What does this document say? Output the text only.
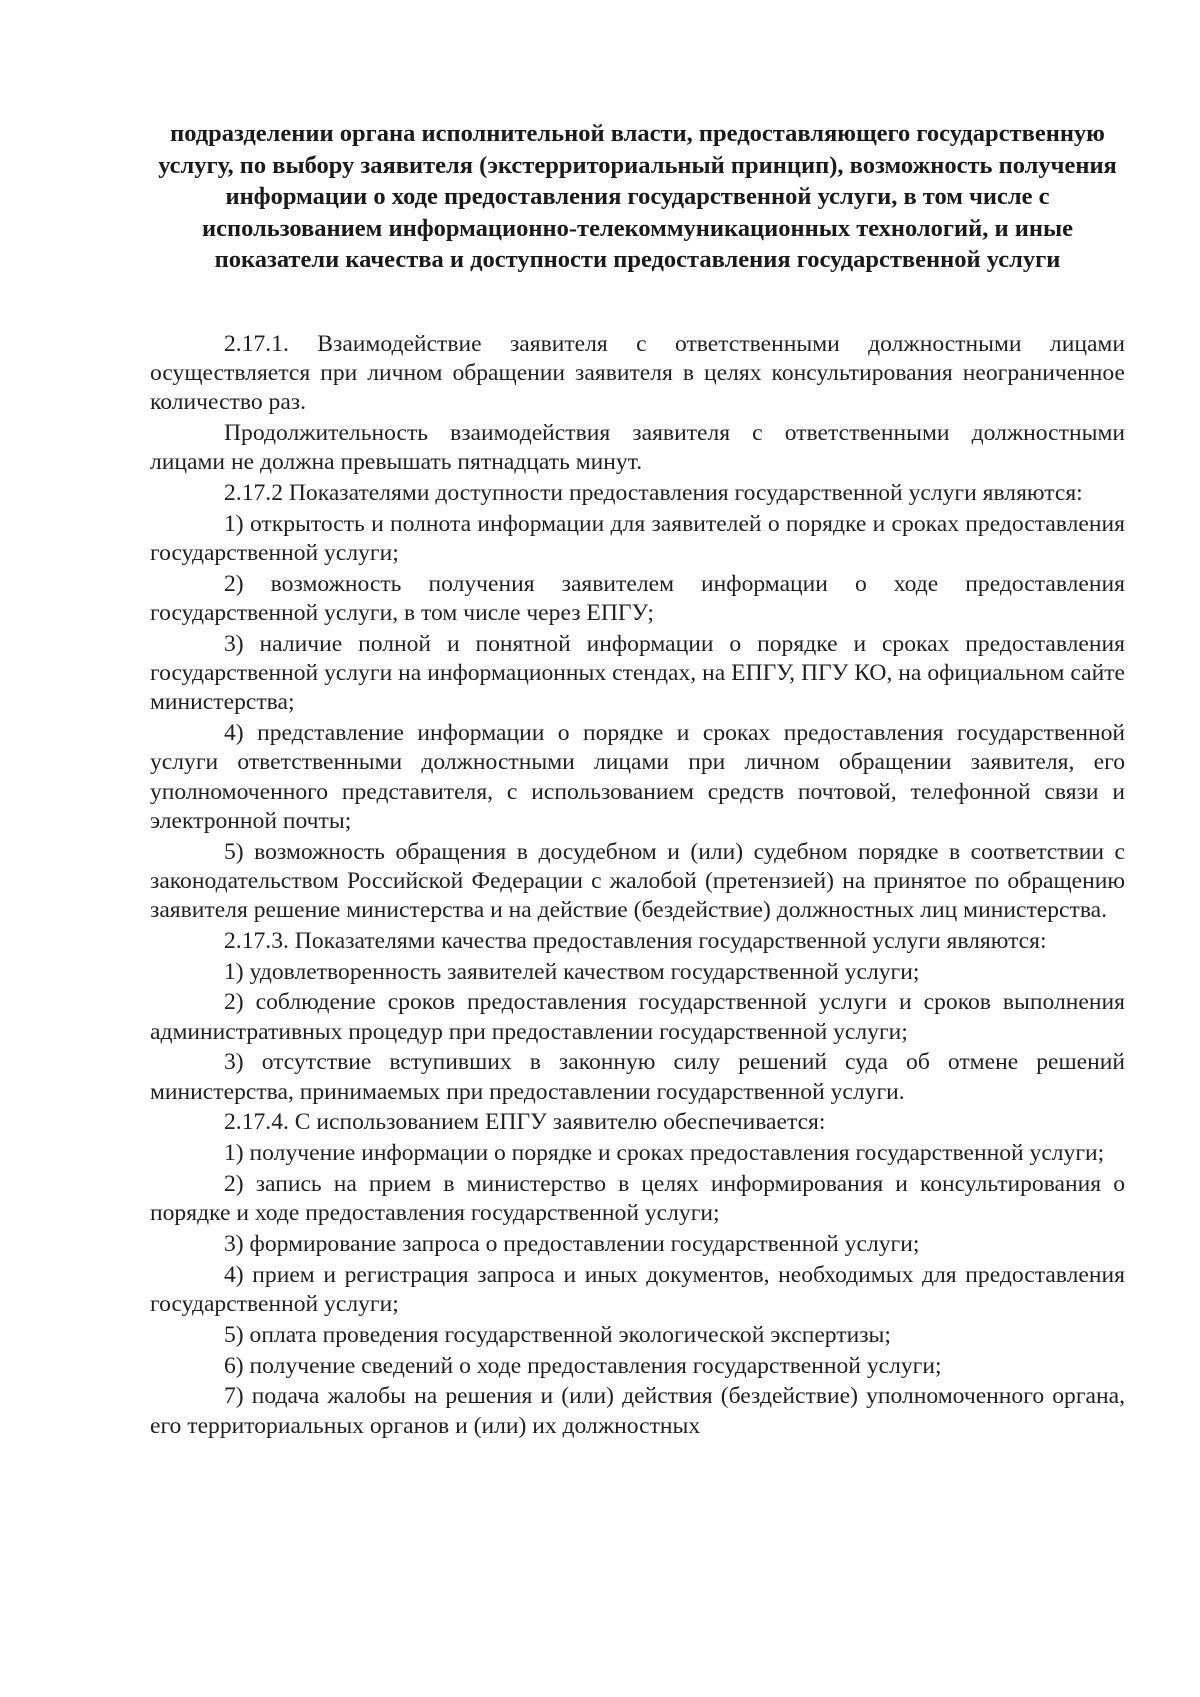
подразделении органа исполнительной власти, предоставляющего государственную услугу, по выбору заявителя (экстерриториальный принцип), возможность получения информации о ходе предоставления государственной услуги, в том числе с использованием информационно-телекоммуникационных технологий, и иные показатели качества и доступности предоставления государственной услуги

2.17.1. Взаимодействие заявителя с ответственными должностными лицами осуществляется при личном обращении заявителя в целях консультирования неограниченное количество раз.

Продолжительность взаимодействия заявителя с ответственными должностными лицами не должна превышать пятнадцать минут.

2.17.2 Показателями доступности предоставления государственной услуги являются:

1) открытость и полнота информации для заявителей о порядке и сроках предоставления государственной услуги;

2) возможность получения заявителем информации о ходе предоставления государственной услуги, в том числе через ЕПГУ;

3) наличие полной и понятной информации о порядке и сроках предоставления государственной услуги на информационных стендах, на ЕПГУ, ПГУ КО, на официальном сайте министерства;

4) представление информации о порядке и сроках предоставления государственной услуги ответственными должностными лицами при личном обращении заявителя, его уполномоченного представителя, с использованием средств почтовой, телефонной связи и электронной почты;

5) возможность обращения в досудебном и (или) судебном порядке в соответствии с законодательством Российской Федерации с жалобой (претензией) на принятое по обращению заявителя решение министерства и на действие (бездействие) должностных лиц министерства.

2.17.3. Показателями качества предоставления государственной услуги являются:

1) удовлетворенность заявителей качеством государственной услуги;

2) соблюдение сроков предоставления государственной услуги и сроков выполнения административных процедур при предоставлении государственной услуги;

3) отсутствие вступивших в законную силу решений суда об отмене решений министерства, принимаемых при предоставлении государственной услуги.

2.17.4. С использованием ЕПГУ заявителю обеспечивается:

1) получение информации о порядке и сроках предоставления государственной услуги;

2) запись на прием в министерство в целях информирования и консультирования о порядке и ходе предоставления государственной услуги;

3) формирование запроса о предоставлении государственной услуги;

4) прием и регистрация запроса и иных документов, необходимых для предоставления государственной услуги;

5) оплата проведения государственной экологической экспертизы;

6) получение сведений о ходе предоставления государственной услуги;

7) подача жалобы на решения и (или) действия (бездействие) уполномоченного органа, его территориальных органов и (или) их должностных
